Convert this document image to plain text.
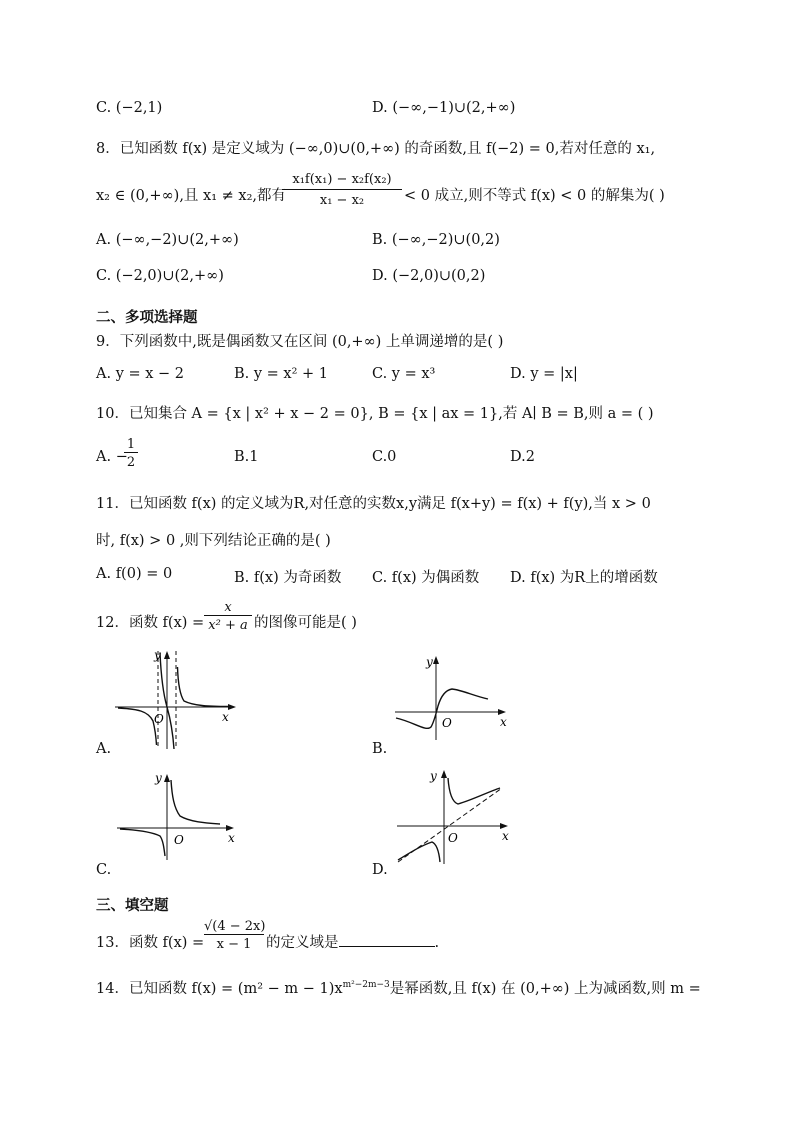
C. (−2,1)	D. (−∞,−1)∪(2,+∞)
8．已知函数 f(x) 是定义域为 (−∞,0)∪(0,+∞) 的奇函数,且 f(−2) = 0,若对任意的 x₁,
x₂ ∈ (0,+∞),且 x₁ ≠ x₂,都有
$\frac{\text{x₁f(x₁) − x₂f(x₂)}}{\text{x₁ − x₂}} < 0$ 成立,则不等式 f(x) < 0 的解集为( )
A. (−∞,−2)∪(2,+∞)	B. (−∞,−2)∪(0,2)
C. (−2,0)∪(2,+∞)	D. (−2,0)∪(0,2)
二、多项选择题
9．下列函数中,既是偶函数又在区间 (0,+∞) 上单调递增的是( )
A. y = x − 2	B. y = x² + 1	C. y = x³	D. y = |x|
10．已知集合 A = {x | x² + x − 2 = 0}, B = {x | ax = 1},若 A∣ B = B,则 a = ( )
A. −
$\frac{1}{2}$	B.1	C.0	D.2
11．已知函数 f(x) 的定义域为R,对任意的实数x,y满足 f(x+y) = f(x) + f(y),当 x > 0
时, f(x) > 0 ,则下列结论正确的是( )
A. f(0) = 0	B. f(x) 为奇函数 C. f(x) 为偶函数 D. f(x) 为R上的增函数
12．函数 $f(x) = \frac{x}{\text{x² + a}}$ 的图像可能是( )
O	x
y
A.
O	x
y
B.
O	x
y
C.
O	x
y
D.
三、填空题
13．函数 $f(x) = \frac{√(4 - 2x)}{x - 1}$ 的定义域是	.
14．已知函数 $f(x) = (m^2 - m - 1)x^{m^2-2m-3}$是幂函数,且 f(x) 在 (0,+∞) 上为减函数,则 m =
